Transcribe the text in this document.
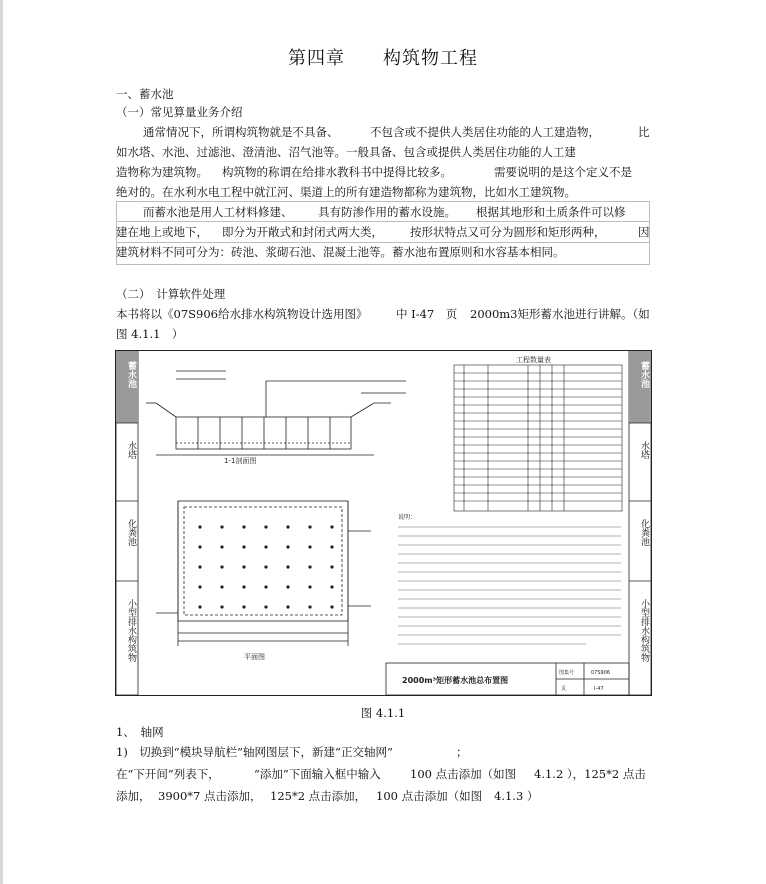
第四章 构筑物工程
一、蓄水池
（一）常见算量业务介绍
通常情况下，所谓构筑物就是不具备、	不包含或不提供人类居住功能的人工建造物，	比
如水塔、水池、过滤池、澄清池、沼气池等。一般具备、包含或提供人类居住功能的人工建
造物称为建筑物。 构筑物的称谓在给排水教科书中提得比较多。	需要说明的是这个定义不是
绝对的。在水利水电工程中就江河、渠道上的所有建造物都称为建筑物，比如水工建筑物。
而蓄水池是用人工材料修建、 具有防渗作用的蓄水设施。 根据其地形和土质条件可以修
建在地上或地下， 即分为开敞式和封闭式两大类， 按形状特点又可分为圆形和矩形两种，	因
建筑材料不同可分为：砖池、浆砌石池、混凝土池等。蓄水池布置原则和水容基本相同。
（二）　计算软件处理
本书将以《07S906给水排水构筑物设计选用图》 中 I-47　页 2000m3矩形蓄水池进行讲解。（如
图 4.1.1　）
1-1剖面图
平面图
工程数量表
说明：
2000m³矩形蓄水池总布置图
图集号	07S906
页	I-47
蓄水池
水塔
化粪池
小型排水构筑物
蓄水池
水塔
化粪池
小型排水构筑物
图 4.1.1
1、　轴网
1)　切换到“模块导航栏”轴网图层下，新建“正交轴网”	；
在“下开间”列表下，	“添加”下面输入框中输入	100 点击添加（如图 4.1.2 ），125*2 点击
添加， 3900*7 点击添加， 125*2 点击添加， 100 点击添加（如图 4.1.3 ）
